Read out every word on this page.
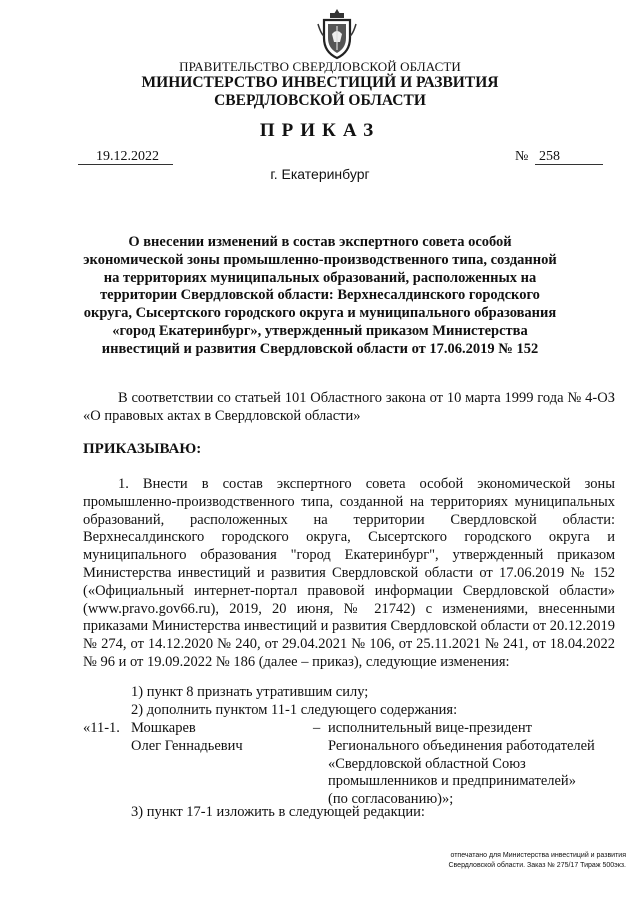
ПРАВИТЕЛЬСТВО СВЕРДЛОВСКОЙ ОБЛАСТИ
МИНИСТЕРСТВО ИНВЕСТИЦИЙ И РАЗВИТИЯ
СВЕРДЛОВСКОЙ ОБЛАСТИ
ПРИКАЗ
19.12.2022	№ 258
г. Екатеринбург
О внесении изменений в состав экспертного совета особой экономической зоны промышленно-производственного типа, созданной на территориях муниципальных образований, расположенных на территории Свердловской области: Верхнесалдинского городского округа, Сысертского городского округа и муниципального образования «город Екатеринбург», утвержденный приказом Министерства инвестиций и развития Свердловской области от 17.06.2019 № 152
В соответствии со статьей 101 Областного закона от 10 марта 1999 года № 4-ОЗ «О правовых актах в Свердловской области»
ПРИКАЗЫВАЮ:
1. Внести в состав экспертного совета особой экономической зоны промышленно-производственного типа, созданной на территориях муниципальных образований, расположенных на территории Свердловской области: Верхнесалдинского городского округа, Сысертского городского округа и муниципального образования "город Екатеринбург", утвержденный приказом Министерства инвестиций и развития Свердловской области от 17.06.2019 № 152 («Официальный интернет-портал правовой информации Свердловской области» (www.pravo.gov66.ru), 2019, 20 июня, № 21742) с изменениями, внесенными приказами Министерства инвестиций и развития Свердловской области от 20.12.2019 № 274, от 14.12.2020 № 240, от 29.04.2021 № 106, от 25.11.2021 № 241, от 18.04.2022 № 96 и от 19.09.2022 № 186 (далее – приказ), следующие изменения:
1) пункт 8 признать утратившим силу;
2) дополнить пунктом 11-1 следующего содержания:
«11-1. Мошкарев
Олег Геннадьевич
– исполнительный вице-президент
Регионального объединения работодателей
«Свердловской областной Союз
промышленников и предпринимателей»
(по согласованию)»;
3) пункт 17-1 изложить в следующей редакции:
отпечатано для Министерства инвестиций и развития
Свердловской области. Заказ № 275/17 Тираж 500экз.
